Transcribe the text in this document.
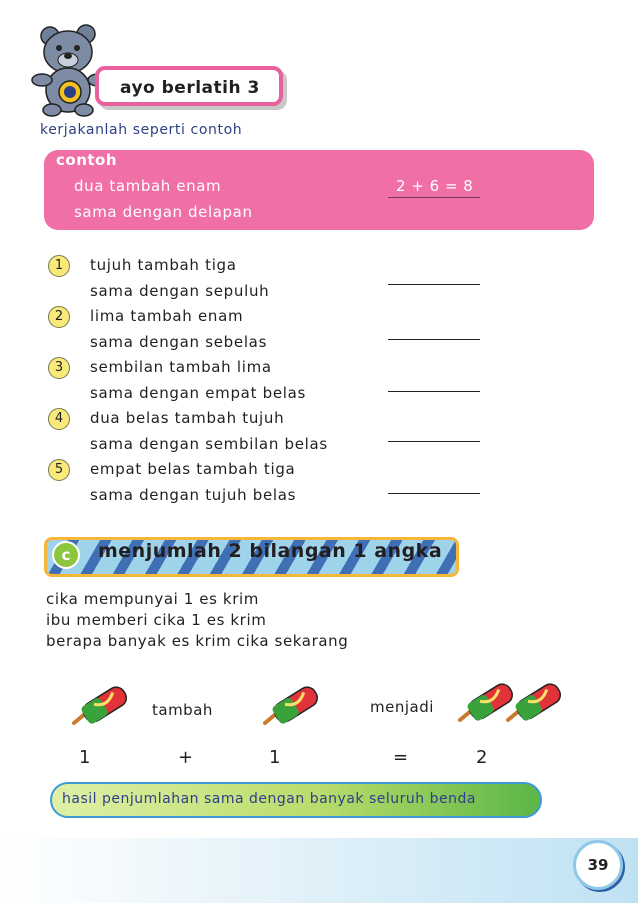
ayo berlatih 3
kerjakanlah seperti contoh
contoh
dua tambah enam
sama dengan delapan
2 + 6 = 8
1	tujuh tambah tiga
sama dengan sepuluh
2	lima tambah enam
sama dengan sebelas
3	sembilan tambah lima
sama dengan empat belas
4	dua belas tambah tujuh
sama dengan sembilan belas
5	empat belas tambah tiga
sama dengan tujuh belas
c	menjumlah 2 bilangan 1 angka
cika mempunyai 1 es krim
ibu memberi cika 1 es krim
berapa banyak es krim cika sekarang
tambah	menjadi
1	+	1	=	2
hasil penjumlahan sama dengan banyak seluruh benda
39
